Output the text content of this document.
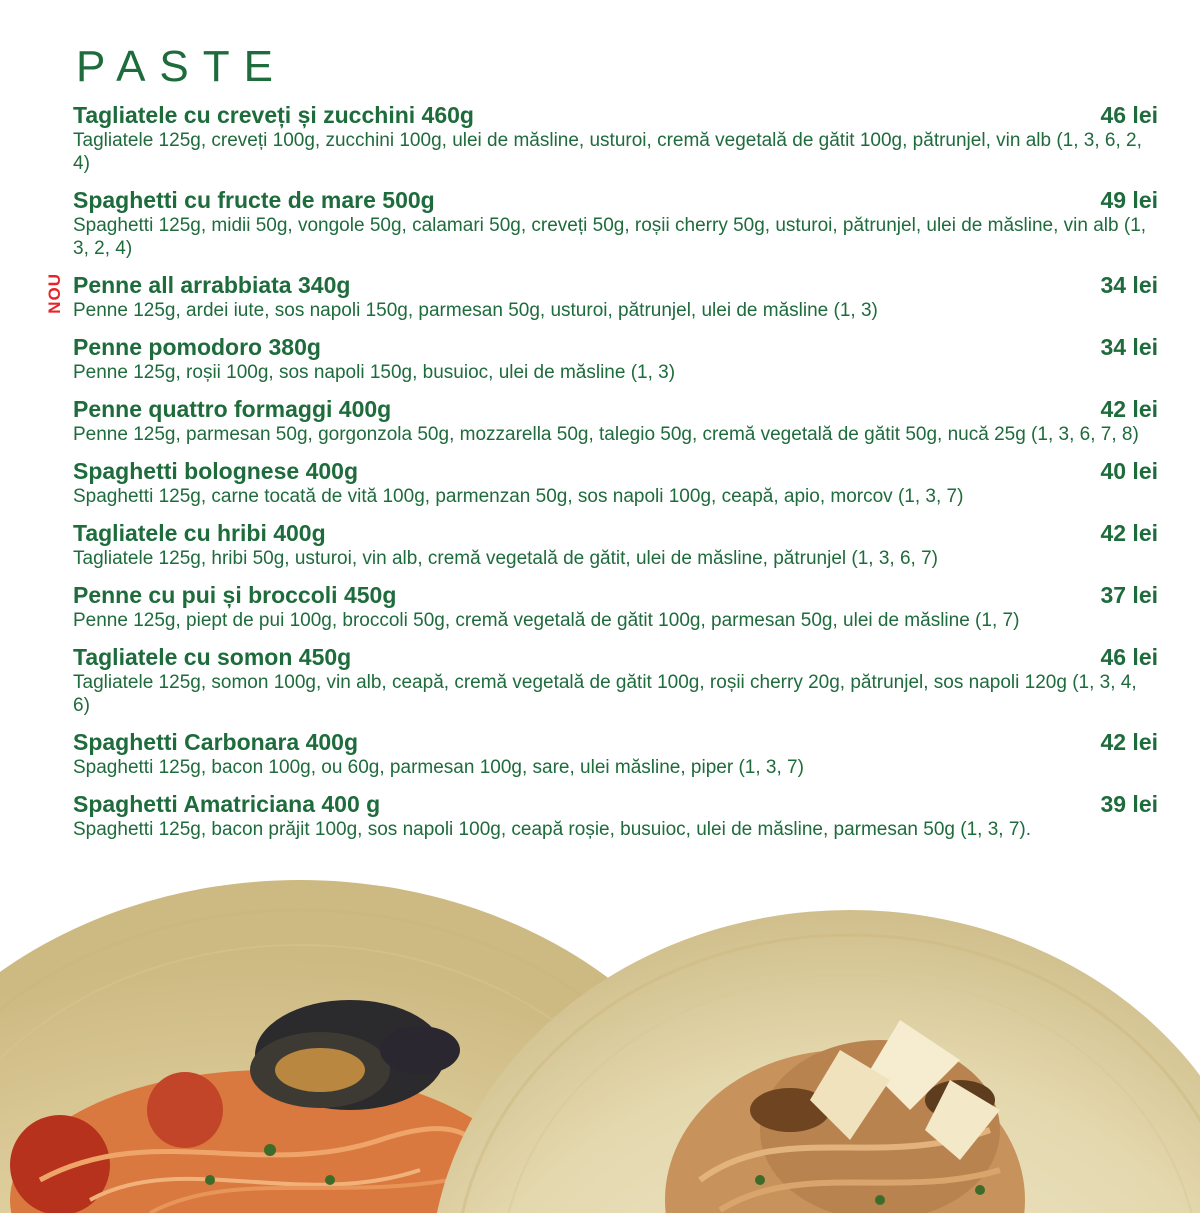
PASTE
Tagliatele cu creveți și zucchini 460g	46 lei
Tagliatele 125g, creveți 100g, zucchini 100g, ulei de măsline, usturoi, cremă vegetală de gătit 100g, pătrunjel, vin alb (1, 3, 6, 2, 4)
Spaghetti cu fructe de mare 500g	49 lei
Spaghetti 125g, midii 50g, vongole 50g, calamari 50g, creveți 50g, roșii cherry 50g, usturoi, pătrunjel, ulei de măsline, vin alb (1, 3, 2, 4)
NOU Penne all arrabbiata 340g	34 lei
Penne 125g, ardei iute, sos napoli 150g, parmesan 50g, usturoi, pătrunjel, ulei de măsline (1, 3)
Penne pomodoro 380g	34 lei
Penne 125g, roșii 100g, sos napoli 150g, busuioc, ulei de măsline (1, 3)
Penne quattro formaggi 400g	42 lei
Penne 125g, parmesan 50g, gorgonzola 50g, mozzarella 50g, talegio 50g, cremă vegetală de gătit 50g, nucă 25g (1, 3, 6, 7, 8)
Spaghetti bolognese 400g	40 lei
Spaghetti 125g, carne tocată de vită 100g, parmenzan 50g, sos napoli 100g, ceapă, apio, morcov (1, 3, 7)
Tagliatele cu hribi 400g	42 lei
Tagliatele 125g, hribi 50g, usturoi, vin alb, cremă vegetală de gătit, ulei de măsline, pătrunjel (1, 3, 6, 7)
Penne cu pui și broccoli 450g	37 lei
Penne 125g, piept de pui 100g, broccoli 50g, cremă vegetală de gătit 100g, parmesan 50g, ulei de măsline (1, 7)
Tagliatele cu somon 450g	46 lei
Tagliatele 125g, somon 100g, vin alb, ceapă, cremă vegetală de gătit 100g, roșii cherry 20g, pătrunjel, sos napoli 120g (1, 3, 4, 6)
Spaghetti Carbonara 400g	42 lei
Spaghetti 125g, bacon 100g, ou 60g, parmesan 100g, sare, ulei măsline, piper (1, 3, 7)
Spaghetti Amatriciana 400 g	39 lei
Spaghetti 125g, bacon prăjit 100g, sos napoli 100g, ceapă roșie, busuioc, ulei de măsline, parmesan 50g (1, 3, 7).
